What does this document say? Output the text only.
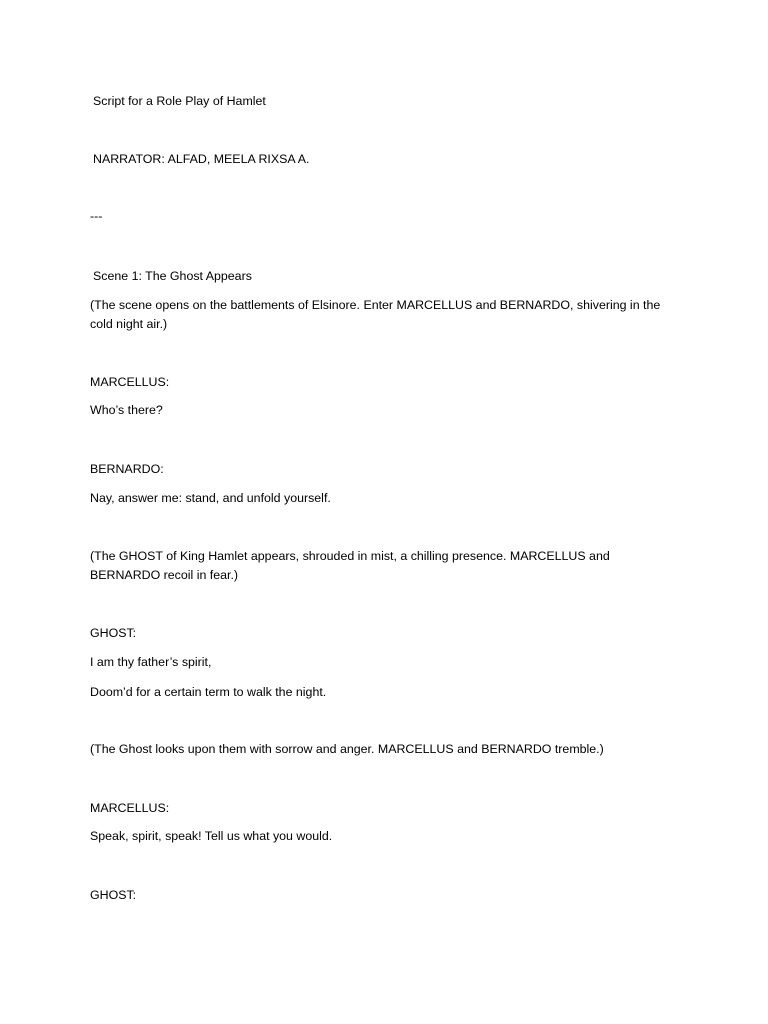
Script for a Role Play of Hamlet
NARRATOR: ALFAD, MEELA RIXSA A.
---
Scene 1: The Ghost Appears
(The scene opens on the battlements of Elsinore. Enter MARCELLUS and BERNARDO, shivering in the cold night air.)
MARCELLUS:
Who’s there?
BERNARDO:
Nay, answer me: stand, and unfold yourself.
(The GHOST of King Hamlet appears, shrouded in mist, a chilling presence. MARCELLUS and BERNARDO recoil in fear.)
GHOST:
I am thy father’s spirit,
Doom’d for a certain term to walk the night.
(The Ghost looks upon them with sorrow and anger. MARCELLUS and BERNARDO tremble.)
MARCELLUS:
Speak, spirit, speak! Tell us what you would.
GHOST:
